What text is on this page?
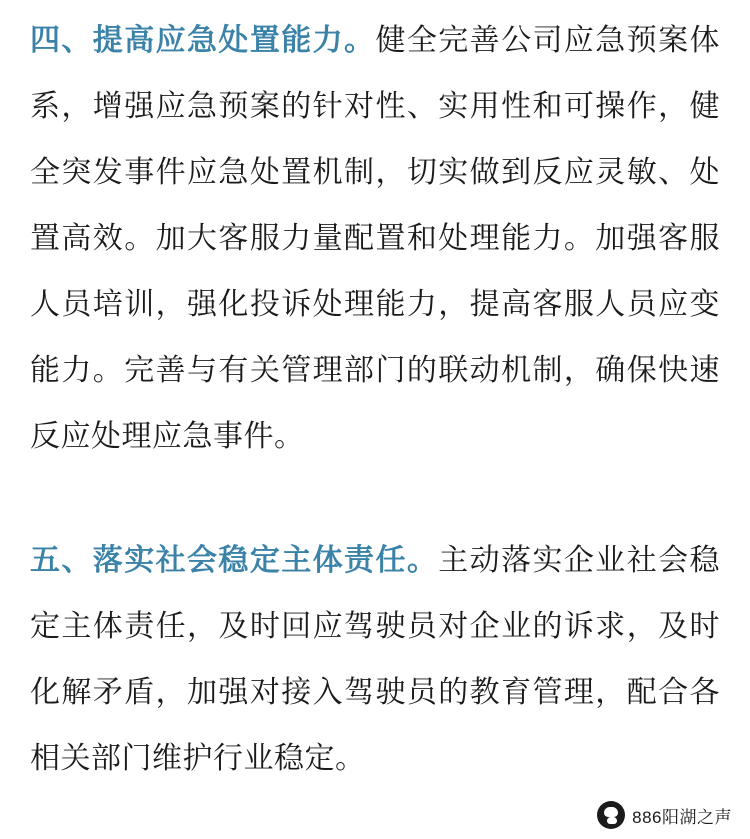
四、提高应急处置能力。健全完善公司应急预案体系，增强应急预案的针对性、实用性和可操作，健全突发事件应急处置机制，切实做到反应灵敏、处置高效。加大客服力量配置和处理能力。加强客服人员培训，强化投诉处理能力，提高客服人员应变能力。完善与有关管理部门的联动机制，确保快速反应处理应急事件。

五、落实社会稳定主体责任。主动落实企业社会稳定主体责任，及时回应驾驶员对企业的诉求，及时化解矛盾，加强对接入驾驶员的教育管理，配合各相关部门维护行业稳定。

886阳湖之声
